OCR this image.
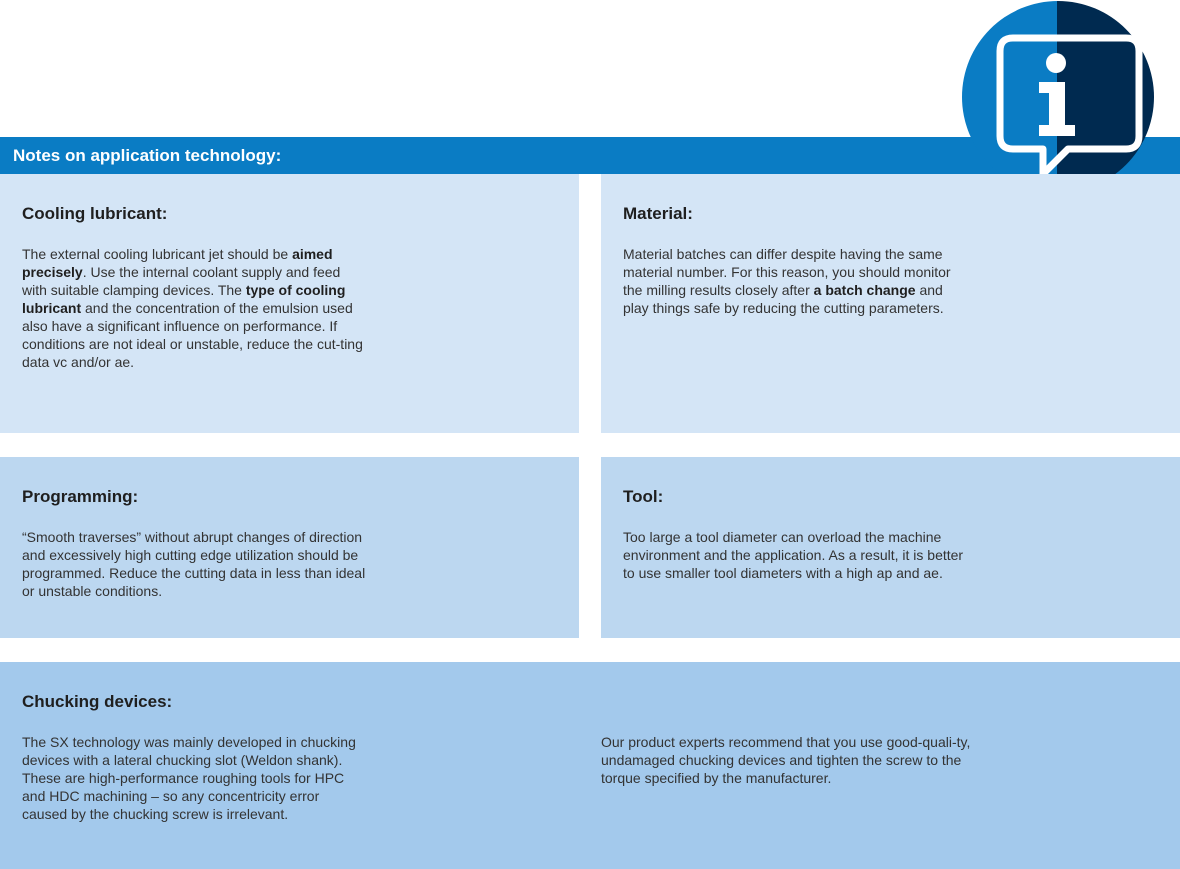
Notes on application technology:
Cooling lubricant:
The external cooling lubricant jet should be aimed precisely. Use the internal coolant supply and feed with suitable clamping devices. The type of cooling lubricant and the concentration of the emulsion used also have a significant influence on performance. If conditions are not ideal or unstable, reduce the cut-ting data vc and/or ae.
Material:
Material batches can differ despite having the same material number. For this reason, you should monitor the milling results closely after a batch change and play things safe by reducing the cutting parameters.
Programming:
“Smooth traverses” without abrupt changes of direction and excessively high cutting edge utilization should be programmed. Reduce the cutting data in less than ideal or unstable conditions.
Tool:
Too large a tool diameter can overload the machine environment and the application. As a result, it is better to use smaller tool diameters with a high ap and ae.
Chucking devices:
The SX technology was mainly developed in chucking devices with a lateral chucking slot (Weldon shank). These are high-performance roughing tools for HPC and HDC machining – so any concentricity error caused by the chucking screw is irrelevant.
Our product experts recommend that you use good-quali-ty, undamaged chucking devices and tighten the screw to the torque specified by the manufacturer.
